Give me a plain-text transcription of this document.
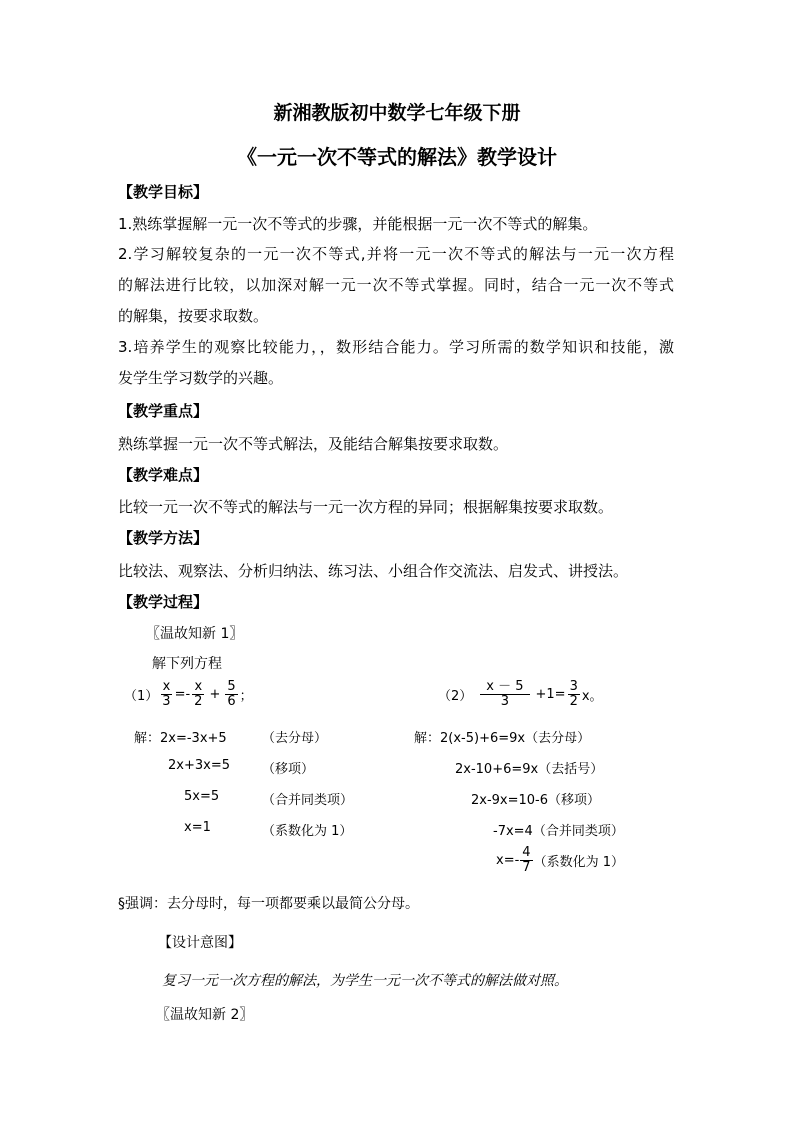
新湘教版初中数学七年级下册
《一元一次不等式的解法》教学设计
【教学目标】
1.熟练掌握解一元一次不等式的步骤，并能根据一元一次不等式的解集。
2.学习解较复杂的一元一次不等式,并将一元一次不等式的解法与一元一次方程
的解法进行比较，以加深对解一元一次不等式掌握。同时，结合一元一次不等式
的解集，按要求取数。
3.培养学生的观察比较能力，，数形结合能力。学习所需的数学知识和技能，激
发学生学习数学的兴趣。
【教学重点】
熟练掌握一元一次不等式解法，及能结合解集按要求取数。
【教学难点】
比较一元一次不等式的解法与一元一次方程的异同；根据解集按要求取数。
【教学方法】
比较法、观察法、分析归纳法、练习法、小组合作交流法、启发式、讲授法。
【教学过程】
〖温故知新 1〗
解下列方程
$(1) \frac{x}{3} =- \frac{x}{2} + \frac{5}{6}$ ；	$(2) \frac{x - 5}{3} +1= \frac{3}{2}$ x。
解：2x=-3x+5	（去分母）
2x+3x=5 （移项）
5x=5	（合并同类项）
x=1	（系数化为 1）
解：2(x-5)+6=9x（去分母）
2x-10+6=9x（去括号）
2x-9x=10-6（移项）
-7x=4（合并同类项）
$x=- \frac{4}{7}$ （系数化为 1）
§强调：去分母时，每一项都要乘以最简公分母。
【设计意图】
复习一元一次方程的解法，为学生一元一次不等式的解法做对照。
〖温故知新 2〗
